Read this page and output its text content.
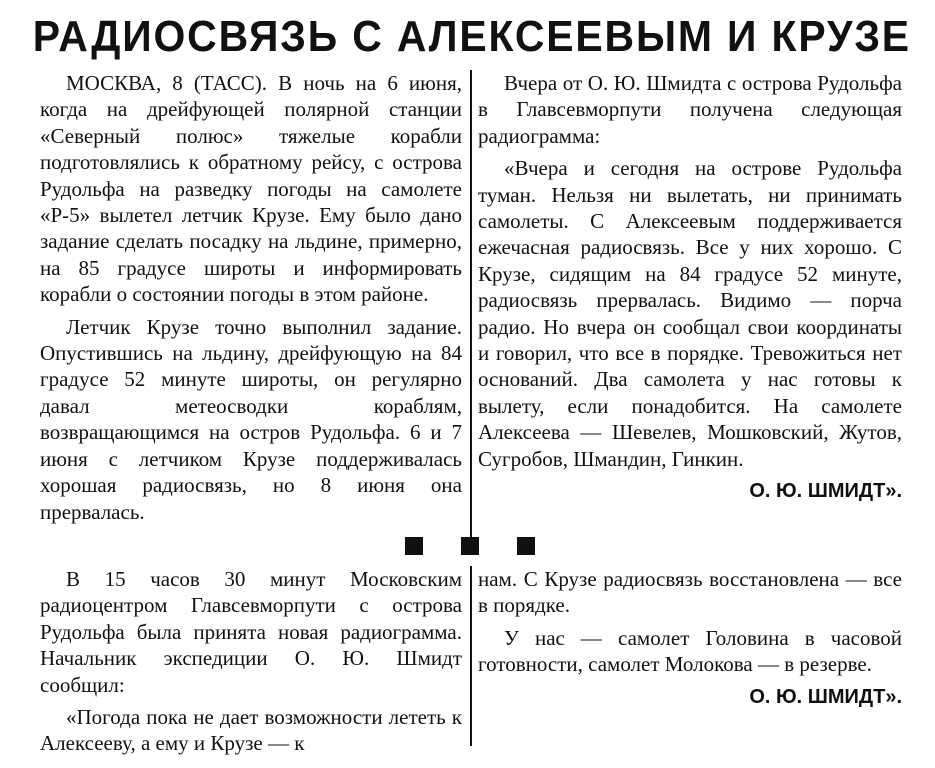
РАДИОСВЯЗЬ С АЛЕКСЕЕВЫМ И КРУЗЕ

МОСКВА, 8 (ТАСС). В ночь на 6 июня, когда на дрейфующей полярной станции «Северный полюс» тяжелые корабли подготовлялись к обратному рейсу, с острова Рудольфа на разведку погоды на самолете «Р-5» вылетел летчик Крузе. Ему было дано задание сделать посадку на льдине, примерно, на 85 градусе широты и информировать корабли о состоянии погоды в этом районе.

Летчик Крузе точно выполнил задание. Опустившись на льдину, дрейфующую на 84 градусе 52 минуте широты, он регулярно давал метеосводки кораблям, возвращающимся на остров Рудольфа. 6 и 7 июня с летчиком Крузе поддерживалась хорошая радиосвязь, но 8 июня она прервалась.

Вчера от О. Ю. Шмидта с острова Рудольфа в Главсевморпути получена следующая радиограмма:

«Вчера и сегодня на острове Рудольфа туман. Нельзя ни вылетать, ни принимать самолеты. С Алексеевым поддерживается ежечасная радиосвязь. Все у них хорошо. С Крузе, сидящим на 84 градусе 52 минуте, радиосвязь прервалась. Видимо — порча радио. Но вчера он сообщал свои координаты и говорил, что все в порядке. Тревожиться нет оснований. Два самолета у нас готовы к вылету, если понадобится. На самолете Алексеева — Шевелев, Мошковский, Жутов, Сугробов, Шмандин, Гинкин.

О. Ю. ШМИДТ».

В 15 часов 30 минут Московским радиоцентром Главсевморпути с острова Рудольфа была принята новая радиограмма. Начальник экспедиции О. Ю. Шмидт сообщил:

«Погода пока не дает возможности лететь к Алексееву, а ему и Крузе — к

нам. С Крузе радиосвязь восстановлена — все в порядке.

У нас — самолет Головина в часовой готовности, самолет Молокова — в резерве.

О. Ю. ШМИДТ».
